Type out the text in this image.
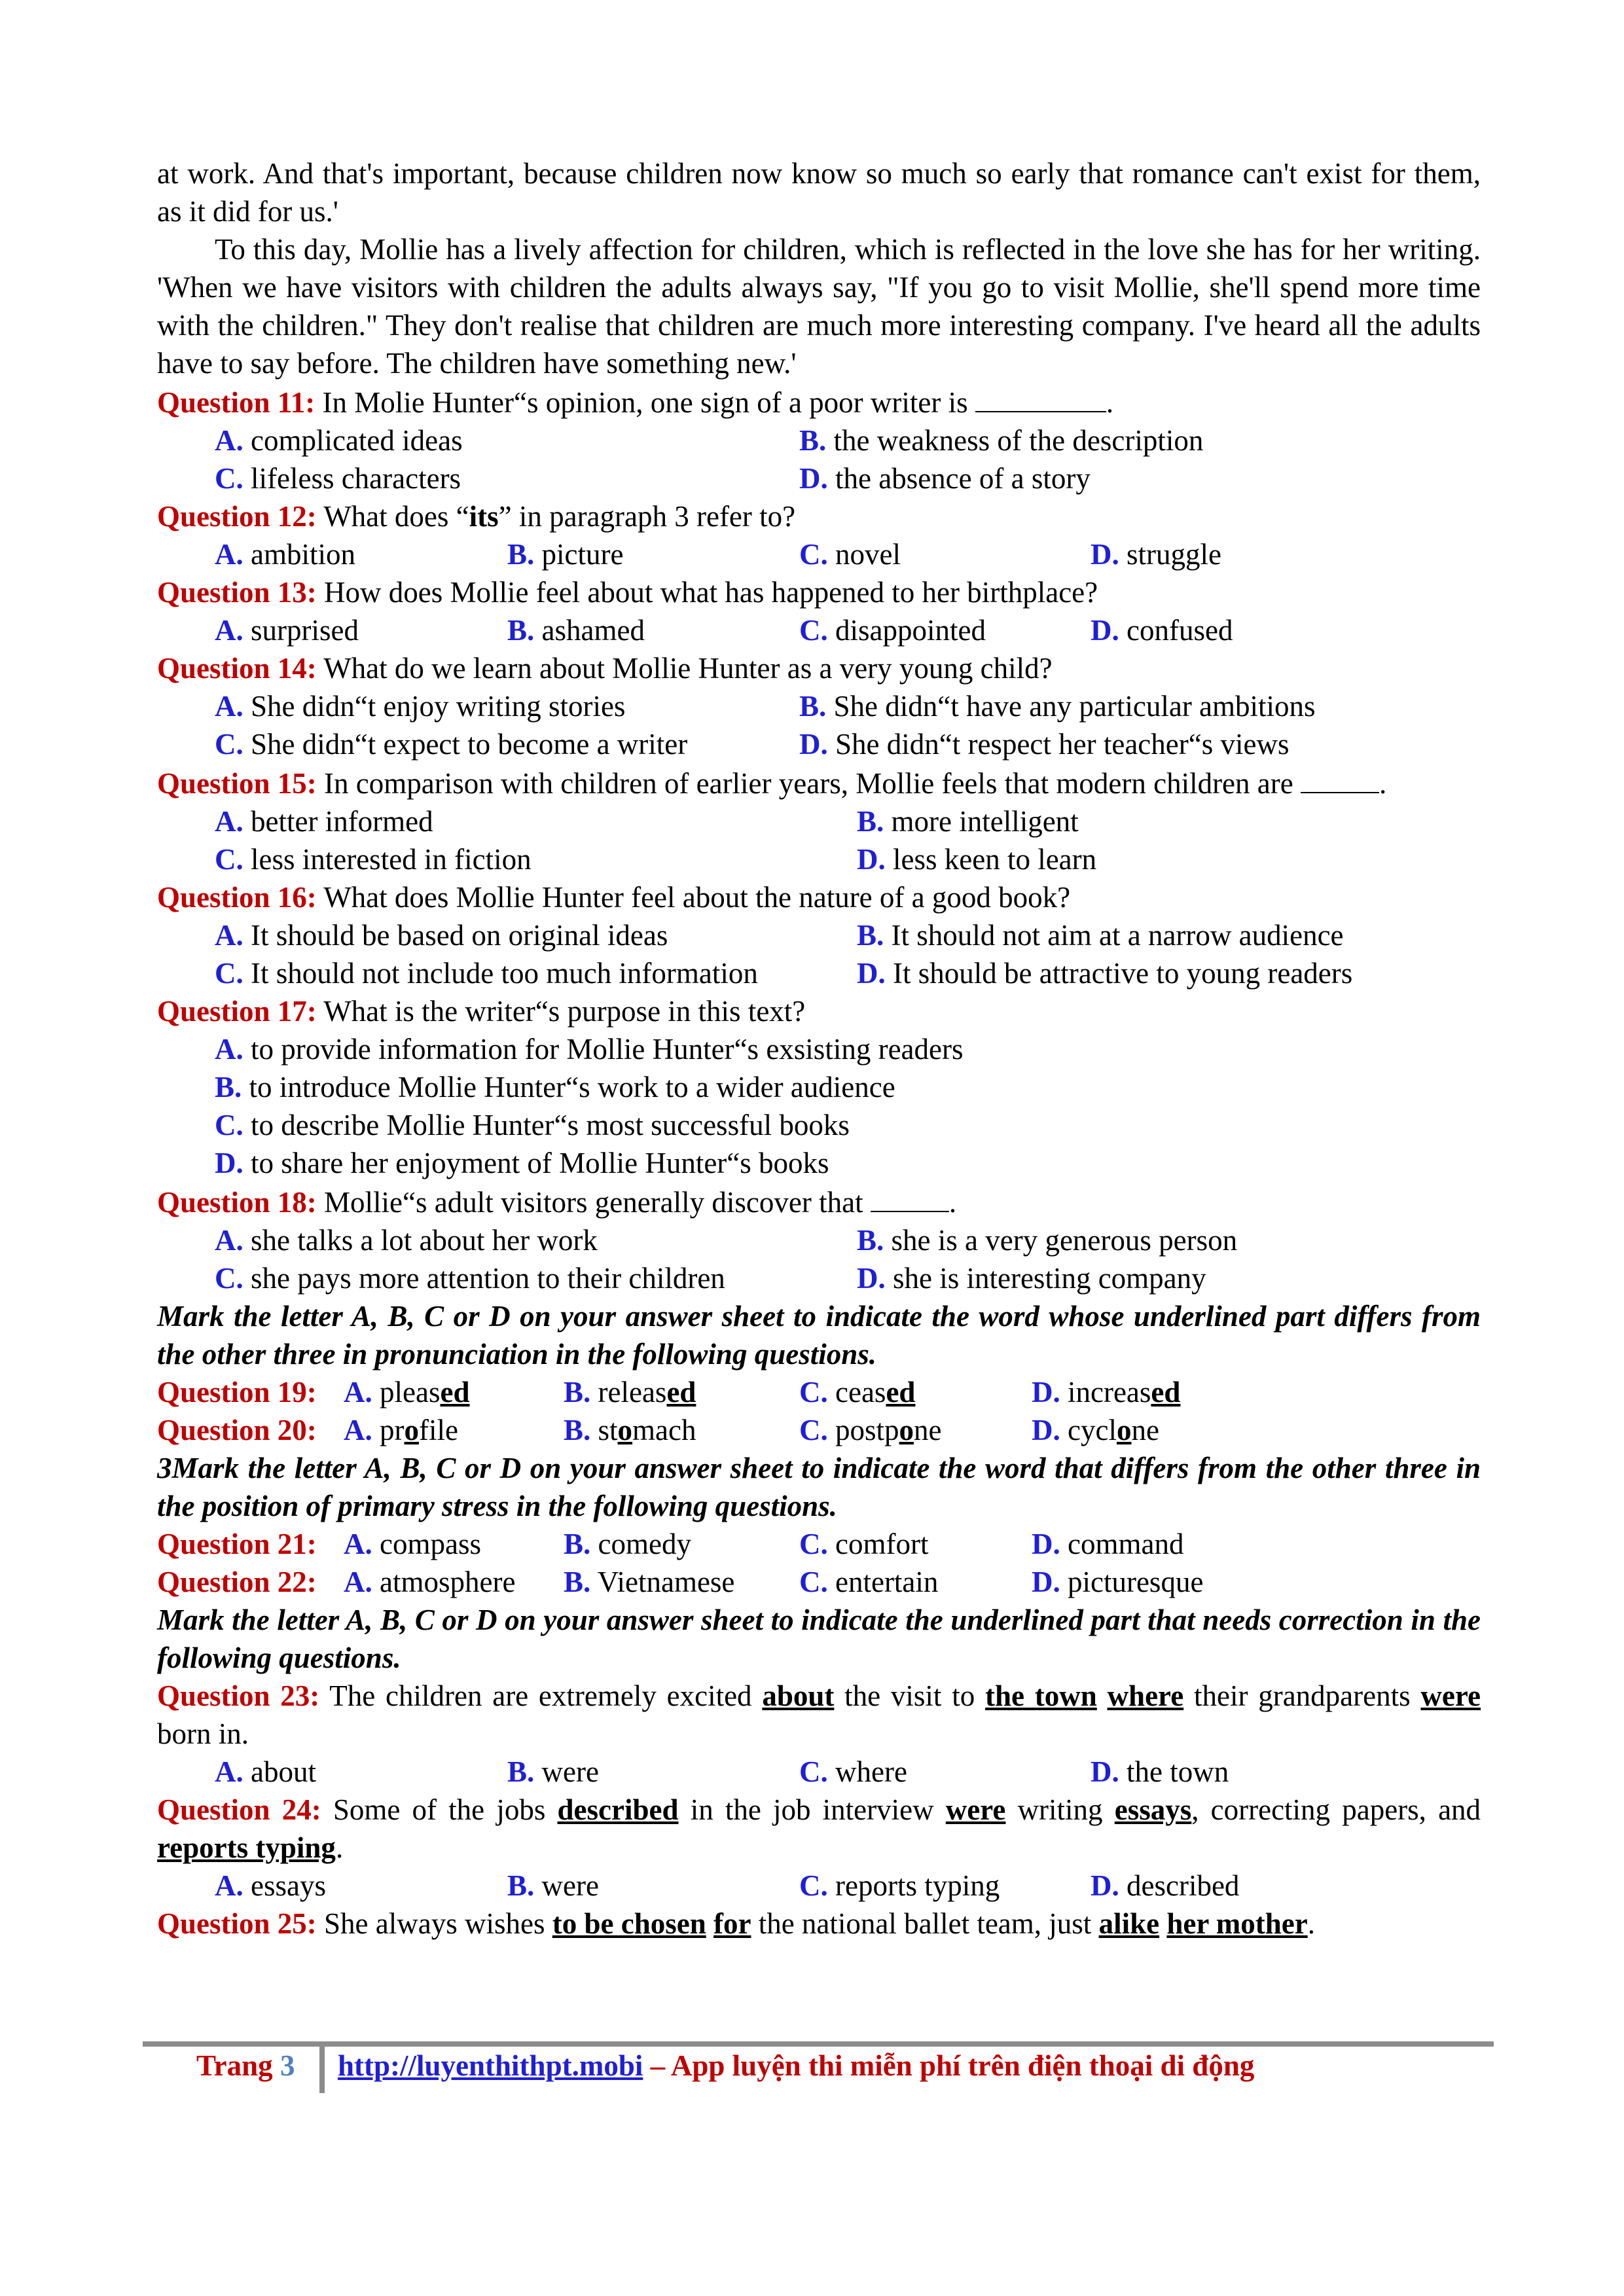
at work. And that's important, because children now know so much so early that romance can't exist for them, as it did for us.'

To this day, Mollie has a lively affection for children, which is reflected in the love she has for her writing. 'When we have visitors with children the adults always say, "If you go to visit Mollie, she'll spend more time with the children." They don't realise that children are much more interesting company. I've heard all the adults have to say before. The children have something new.'

Question 11: In Molie Hunter“s opinion, one sign of a poor writer is	.

A. complicated ideas	B. the weakness of the description
C. lifeless characters	D. the absence of a story

Question 12: What does “its” in paragraph 3 refer to?

A. ambition	B. picture	C. novel	D. struggle

Question 13: How does Mollie feel about what has happened to her birthplace?

A. surprised	B. ashamed	C. disappointed	D. confused

Question 14: What do we learn about Mollie Hunter as a very young child?

A. She didn“t enjoy writing stories	B. She didn“t have any particular ambitions
C. She didn“t expect to become a writer	D. She didn“t respect her teacher“s views

Question 15: In comparison with children of earlier years, Mollie feels that modern children are	.

A. better informed	B. more intelligent
C. less interested in fiction	D. less keen to learn

Question 16: What does Mollie Hunter feel about the nature of a good book?

A. It should be based on original ideas	B. It should not aim at a narrow audience
C. It should not include too much information	D. It should be attractive to young readers

Question 17: What is the writer“s purpose in this text?

A. to provide information for Mollie Hunter“s exsisting readers
B. to introduce Mollie Hunter“s work to a wider audience
C. to describe Mollie Hunter“s most successful books
D. to share her enjoyment of Mollie Hunter“s books

Question 18: Mollie“s adult visitors generally discover that	.

A. she talks a lot about her work	B. she is a very generous person
C. she pays more attention to their children	D. she is interesting company

Mark the letter A, B, C or D on your answer sheet to indicate the word whose underlined part differs from the other three in pronunciation in the following questions.

Question 19: A. pleased	B. released	C. ceased	D. increased
Question 20: A. profile	B. stomach	C. postpone	D. cyclone

3Mark the letter A, B, C or D on your answer sheet to indicate the word that differs from the other three in the position of primary stress in the following questions.

Question 21: A. compass	B. comedy	C. comfort	D. command
Question 22: A. atmosphere B. Vietnamese C. entertain	D. picturesque

Mark the letter A, B, C or D on your answer sheet to indicate the underlined part that needs correction in the following questions.

Question 23: The children are extremely excited about the visit to the town where their grandparents were born in.

A. about	B. were	C. where	D. the town

Question 24: Some of the jobs described in the job interview were writing essays, correcting papers, and reports typing.

A. essays	B. were	C. reports typing	D. described

Question 25: She always wishes to be chosen for the national ballet team, just alike her mother.

Trang 3 http://luyenthithpt.mobi – App luyện thi miễn phí trên điện thoại di động
